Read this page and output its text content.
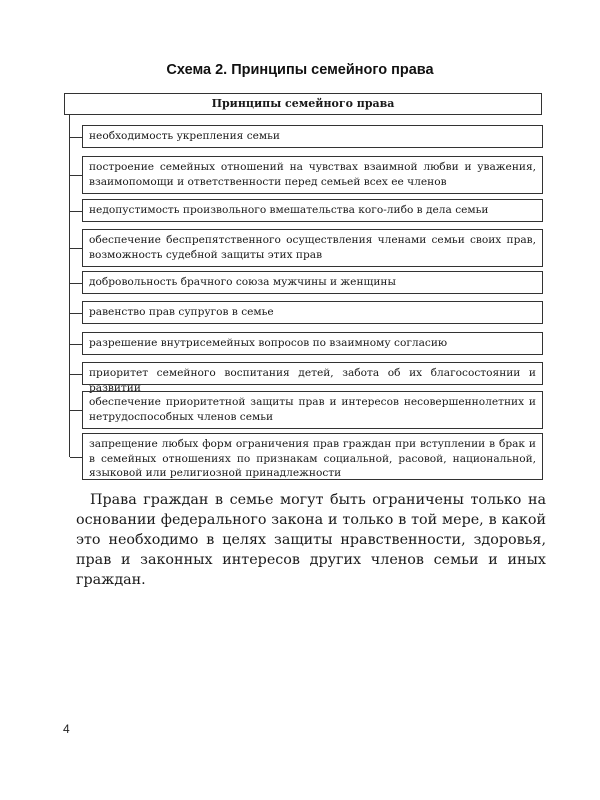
Схема 2. Принципы семейного права
Принципы семейного права
необходимость укрепления семьи
построение семейных отношений на чувствах взаимной любви и уважения, взаимопомощи и ответственности перед семьей всех ее членов
недопустимость произвольного вмешательства кого-либо в дела семьи
обеспечение беспрепятственного осуществления членами семьи своих прав, возможность судебной защиты этих прав
добровольность брачного союза мужчины и женщины
равенство прав супругов в семье
разрешение внутрисемейных вопросов по взаимному согласию
приоритет семейного воспитания детей, забота об их благосостоянии и развитии
обеспечение приоритетной защиты прав и интересов несовершеннолетних и нетрудоспособных членов семьи
запрещение любых форм ограничения прав граждан при вступлении в брак и в семейных отношениях по признакам социальной, расовой, национальной, языковой или религиозной принадлежности
Права граждан в семье могут быть ограничены только на основании федерального закона и только в той мере, в какой это необходимо в целях защиты нравственности, здоровья, прав и законных интересов других членов семьи и иных граждан.
4
